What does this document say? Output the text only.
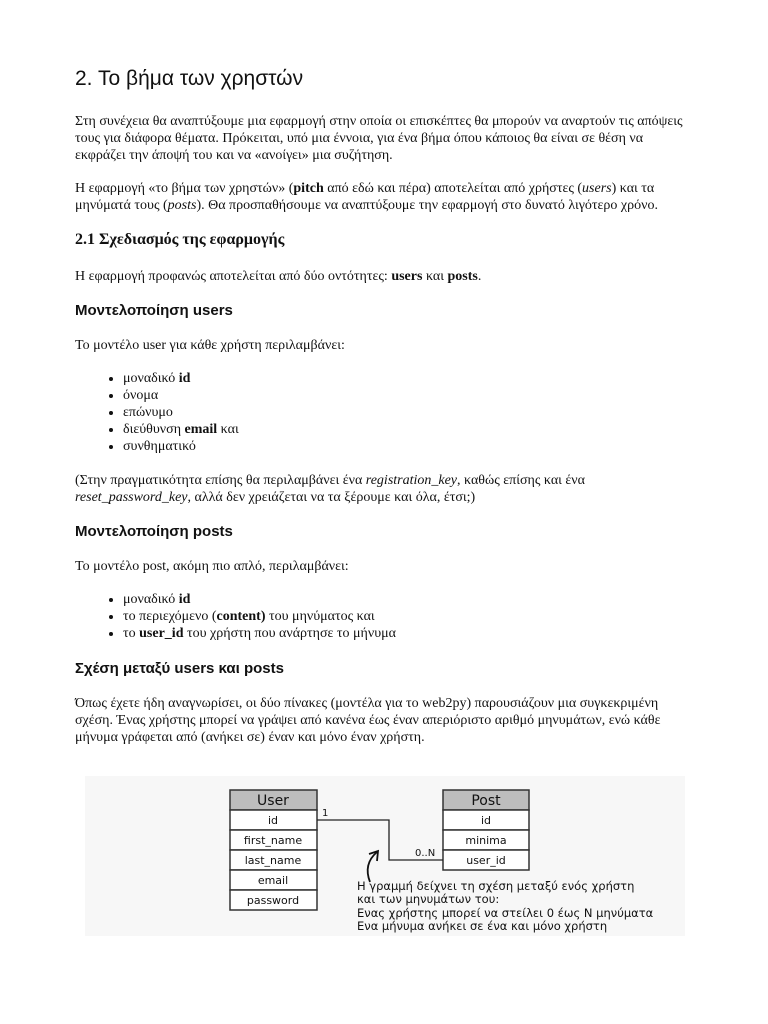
2. Το βήμα των χρηστών

Στη συνέχεια θα αναπτύξουμε μια εφαρμογή στην οποία οι επισκέπτες θα μπορούν να αναρτούν τις απόψεις τους για διάφορα θέματα. Πρόκειται, υπό μια έννοια, για ένα βήμα όπου κάποιος θα είναι σε θέση να εκφράζει την άποψή του και να «ανοίγει» μια συζήτηση.

Η εφαρμογή «το βήμα των χρηστών» (pitch από εδώ και πέρα) αποτελείται από χρήστες (users) και τα μηνύματά τους (posts). Θα προσπαθήσουμε να αναπτύξουμε την εφαρμογή στο δυνατό λιγότερο χρόνο.

2.1 Σχεδιασμός της εφαρμογής

Η εφαρμογή προφανώς αποτελείται από δύο οντότητες: users και posts.

Μοντελοποίηση users

Το μοντέλο user για κάθε χρήστη περιλαμβάνει:

• μοναδικό id
• όνομα
• επώνυμο
• διεύθυνση email και
• συνθηματικό

(Στην πραγματικότητα επίσης θα περιλαμβάνει ένα registration_key, καθώς επίσης και ένα reset_password_key, αλλά δεν χρειάζεται να τα ξέρουμε και όλα, έτσι;)

Μοντελοποίηση posts

Το μοντέλο post, ακόμη πιο απλό, περιλαμβάνει:

• μοναδικό id
• το περιεχόμενο (content) του μηνύματος και
• το user_id του χρήστη που ανάρτησε το μήνυμα
Σχέση μεταξύ users και posts

Όπως έχετε ήδη αναγνωρίσει, οι δύο πίνακες (μοντέλα για το web2py) παρουσιάζουν μια συγκεκριμένη σχέση. Ένας χρήστης μπορεί να γράψει από κανένα έως έναν απεριόριστο αριθμό μηνυμάτων, ενώ κάθε μήνυμα γράφεται από (ανήκει σε) έναν και μόνο έναν χρήστη.

User
id
first_name
last_name
email
password
Post
id
minima
user_id
1
0..N
Η γραμμή δείχνει τη σχέση μεταξύ ενός χρήστη
και των μηνυμάτων του:
Ενας χρήστης μπορεί να στείλει 0 έως Ν μηνύματα
Ενα μήνυμα ανήκει σε ένα και μόνο χρήστη
